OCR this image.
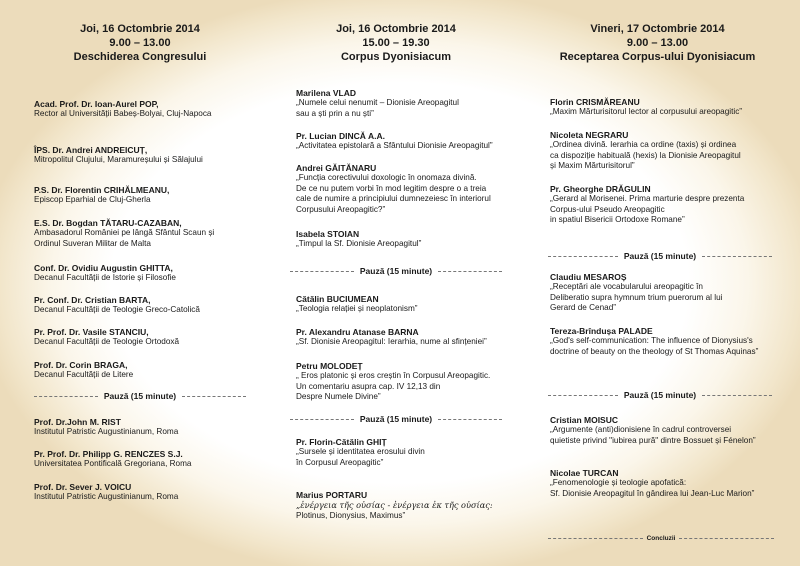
Joi, 16 Octombrie 2014
9.00 – 13.00
Deschiderea Congresului
Acad. Prof. Dr. Ioan-Aurel POP,
Rector al Universității Babeș-Bolyai, Cluj-Napoca
ÎPS. Dr. Andrei ANDREICUȚ,
Mitropolitul Clujului, Maramureșului și Sălajului
P.S. Dr. Florentin CRIHĂLMEANU,
Episcop Eparhial de Cluj-Gherla
E.S. Dr. Bogdan TĂTARU-CAZABAN,
Ambasadorul României pe lângă Sfântul Scaun și
Ordinul Suveran Militar de Malta
Conf. Dr. Ovidiu Augustin GHITTA,
Decanul Facultății de Istorie și Filosofie
Pr. Conf. Dr. Cristian BARTA,
Decanul Facultății de Teologie Greco-Catolică
Pr. Prof. Dr. Vasile STANCIU,
Decanul Facultății de Teologie Ortodoxă
Prof. Dr. Corin BRAGA,
Decanul Facultății de Litere
Pauză (15 minute)
Prof. Dr.John M. RIST
Institutul Patristic Augustinianum, Roma
Pr. Prof. Dr. Philipp G. RENCZES S.J.
Universitatea Pontificală Gregoriana, Roma
Prof. Dr. Sever J. VOICU
Institutul Patristic Augustinianum, Roma
Joi, 16 Octombrie 2014
15.00 – 19.30
Corpus Dyonisiacum
Marilena VLAD
„Numele celui nenumit – Dionisie Areopagitul
sau a ști prin a nu ști”
Pr. Lucian DINCĂ A.A.
„Activitatea epistolară a Sfântului Dionisie Areopagitul”
Andrei GĂITĂNARU
„Funcția corectivului doxologic în onomaza divină.
De ce nu putem vorbi în mod legitim despre o a treia
cale de numire a principiului dumnezeiesc în interiorul
Corpusului Areopagitic?”
Isabela STOIAN
„Timpul la Sf. Dionisie Areopagitul”
Pauză (15 minute)
Cătălin BUCIUMEAN
„Teologia relației și neoplatonism”
Pr. Alexandru Atanase BARNA
„Sf. Dionisie Areopagitul: Ierarhia, nume al sfințeniei”
Petru MOLODEȚ
„ Eros platonic și eros creștin în Corpusul Areopagitic.
Un comentariu asupra cap. IV 12,13 din
Despre Numele Divine”
Pauză (15 minute)
Pr. Florin-Cătălin GHIȚ
„Sursele și identitatea erosului divin
în Corpusul Areopagitic”
Marius PORTARU
„ἐνέργεια τῆς οὐσίας - ἐνέργεια ἐκ τῆς οὐσίας:
Plotinus, Dionysius, Maximus”
Vineri, 17 Octombrie 2014
9.00 – 13.00
Receptarea Corpus-ului Dyonisiacum
Florin CRISMĂREANU
„Maxim Mărturisitorul lector al corpusului areopagitic”
Nicoleta NEGRARU
„Ordinea divină. Ierarhia ca ordine (taxis) și ordinea
ca dispoziție habituală (hexis) la Dionisie Areopagitul
și Maxim Mărturisitorul”
Pr. Gheorghe DRĂGULIN
„Gerard al Morisenei. Prima marturie despre prezenta
Corpus-ului Pseudo Areopagitic
in spatiul Bisericii Ortodoxe Romane”
Pauză (15 minute)
Claudiu MESAROȘ
„Receptări ale vocabularului areopagitic în
Deliberatio supra hymnum trium puerorum al lui
Gerard de Cenad”
Tereza-Brîndușa PALADE
„God's self-communication: The influence of Dionysius's
doctrine of beauty on the theology of St Thomas Aquinas”
Pauză (15 minute)
Cristian MOISUC
„Argumente (anti)dionisiene în cadrul controversei
quietiste privind "iubirea pură" dintre Bossuet și Fénelon”
Nicolae TURCAN
„Fenomenologie și teologie apofatică:
Sf. Dionisie Areopagitul în gândirea lui Jean-Luc Marion”
Concluzii
